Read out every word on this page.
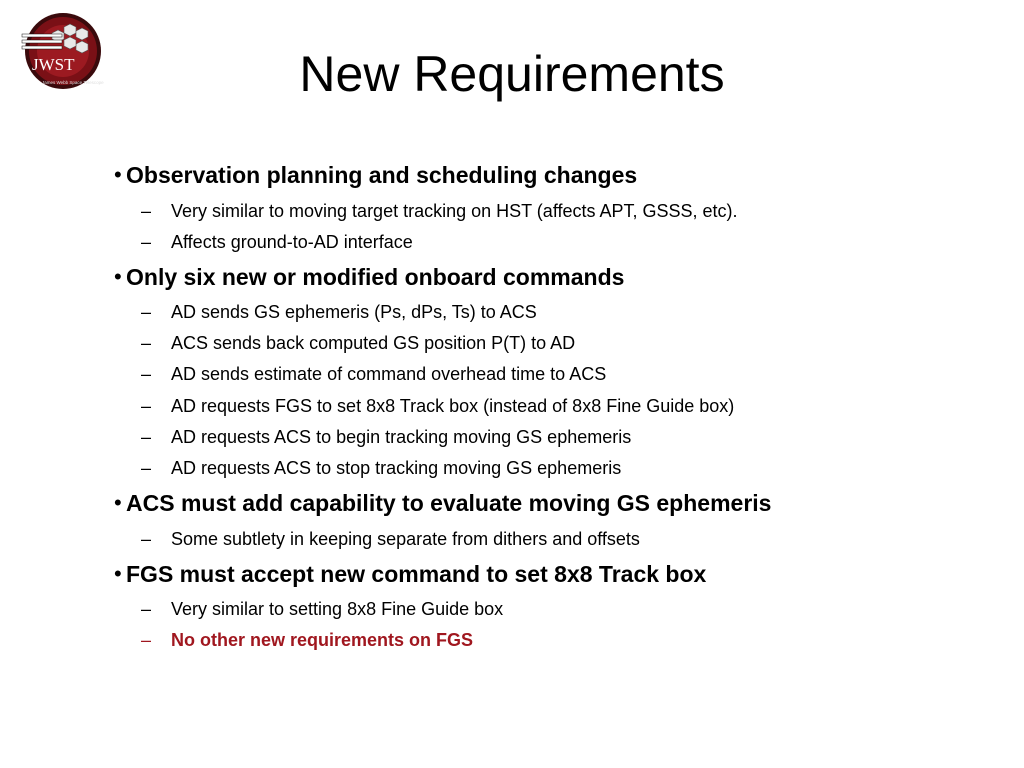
JWST
James Webb Space Telescope	New Requirements
• Observation planning and scheduling changes
– Very similar to moving target tracking on HST (affects APT, GSSS, etc).
– Affects ground-to-AD interface
• Only six new or modified onboard commands
– AD sends GS ephemeris (Ps, dPs, Ts) to ACS
– ACS sends back computed GS position P(T) to AD
– AD sends estimate of command overhead time to ACS
– AD requests FGS to set 8x8 Track box (instead of 8x8 Fine Guide box)
– AD requests ACS to begin tracking moving GS ephemeris
– AD requests ACS to stop tracking moving GS ephemeris
• ACS must add capability to evaluate moving GS ephemeris
– Some subtlety in keeping separate from dithers and offsets
• FGS must accept new command to set 8x8 Track box
– Very similar to setting 8x8 Fine Guide box
– No other new requirements on FGS
